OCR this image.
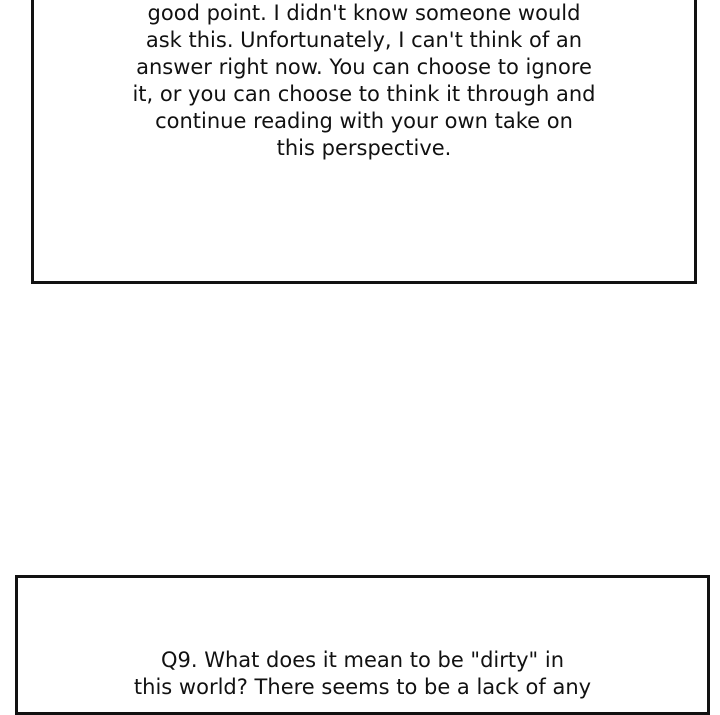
good point. I didn't know someone would
ask this. Unfortunately, I can't think of an
answer right now. You can choose to ignore
it, or you can choose to think it through and
continue reading with your own take on
this perspective.

Q9. What does it mean to be "dirty" in
this world? There seems to be a lack of any
